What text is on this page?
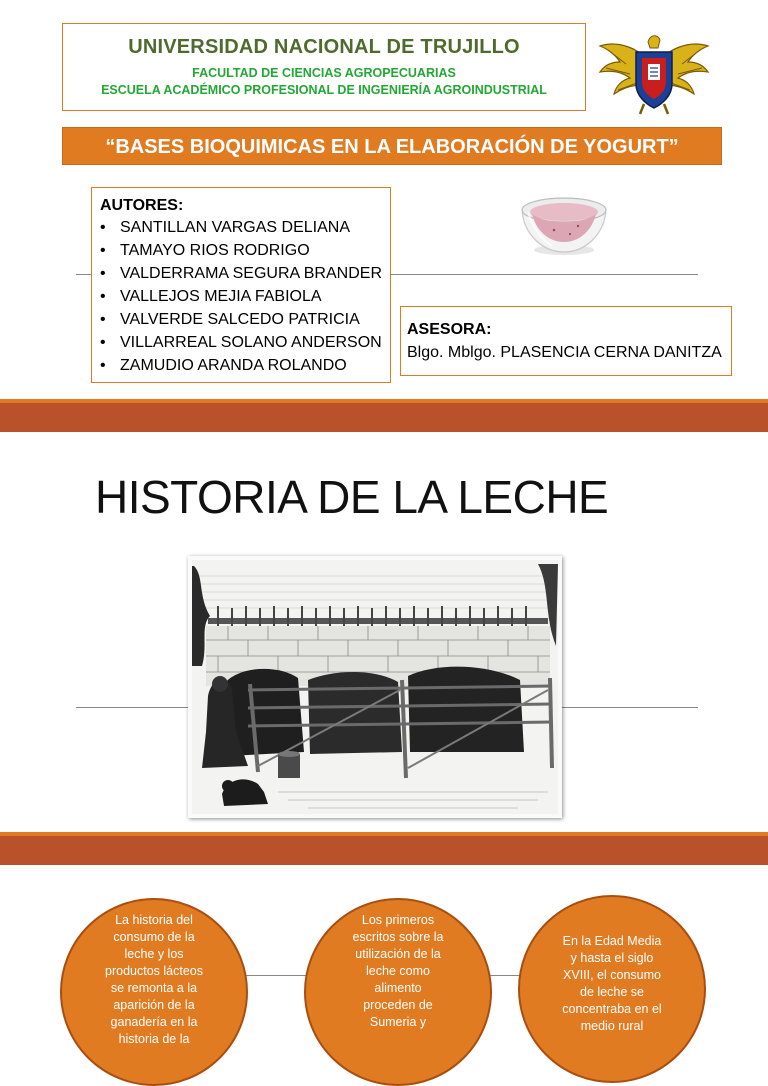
UNIVERSIDAD NACIONAL DE TRUJILLO
FACULTAD DE CIENCIAS AGROPECUARIAS
ESCUELA ACADÉMICO PROFESIONAL DE INGENIERÍA AGROINDUSTRIAL
“BASES BIOQUIMICAS EN LA ELABORACIÓN DE YOGURT”
AUTORES:
• SANTILLAN VARGAS DELIANA
• TAMAYO RIOS RODRIGO
• VALDERRAMA SEGURA BRANDER
• VALLEJOS MEJIA FABIOLA
• VALVERDE SALCEDO PATRICIA
• VILLARREAL SOLANO ANDERSON
• ZAMUDIO ARANDA ROLANDO
ASESORA:
Blgo. Mblgo. PLASENCIA CERNA DANITZA
HISTORIA DE LA LECHE
La historia del consumo de la leche y los productos lácteos se remonta a la aparición de la ganadería en la historia de la
Los primeros escritos sobre la utilización de la leche como alimento proceden de Sumeria y
En la Edad Media y hasta el siglo XVIII, el consumo de leche se concentraba en el medio rural
